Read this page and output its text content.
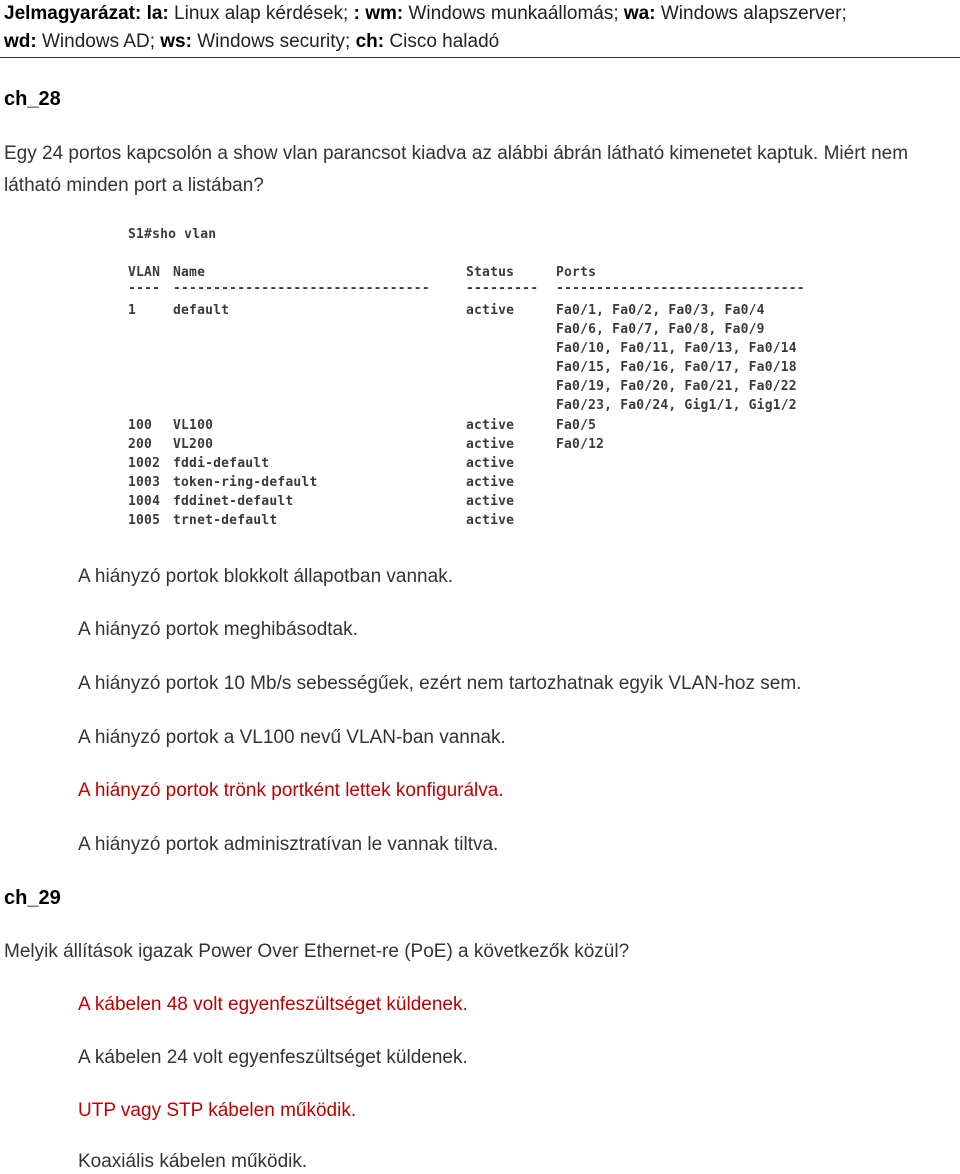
Jelmagyarázat: la: Linux alap kérdések; : wm: Windows munkaállomás; wa: Windows alapszerver;
wd: Windows AD; ws: Windows security; ch: Cisco haladó
ch_28
Egy 24 portos kapcsolón a show vlan parancsot kiadva az alábbi ábrán látható kimenetet kaptuk. Miért nem látható minden port a listában?
S1#sho vlan
VLAN Name	Status	Ports
---- --------------------------------	--------- -------------------------------
1	default	active	Fa0/1, Fa0/2, Fa0/3, Fa0/4
Fa0/6, Fa0/7, Fa0/8, Fa0/9
Fa0/10, Fa0/11, Fa0/13, Fa0/14
Fa0/15, Fa0/16, Fa0/17, Fa0/18
Fa0/19, Fa0/20, Fa0/21, Fa0/22
Fa0/23, Fa0/24, Gig1/1, Gig1/2
100 VL100	active	Fa0/5
200 VL200	active	Fa0/12
1002 fddi-default	active
1003 token-ring-default	active
1004 fddinet-default	active
1005 trnet-default	active
A hiányzó portok blokkolt állapotban vannak.
A hiányzó portok meghibásodtak.
A hiányzó portok 10 Mb/s sebességűek, ezért nem tartozhatnak egyik VLAN-hoz sem.
A hiányzó portok a VL100 nevű VLAN-ban vannak.
A hiányzó portok trönk portként lettek konfigurálva.
A hiányzó portok adminisztratívan le vannak tiltva.
ch_29
Melyik állítások igazak Power Over Ethernet-re (PoE) a következők közül?
A kábelen 48 volt egyenfeszültséget küldenek.
A kábelen 24 volt egyenfeszültséget küldenek.
UTP vagy STP kábelen működik.
Koaxiális kábelen működik.
